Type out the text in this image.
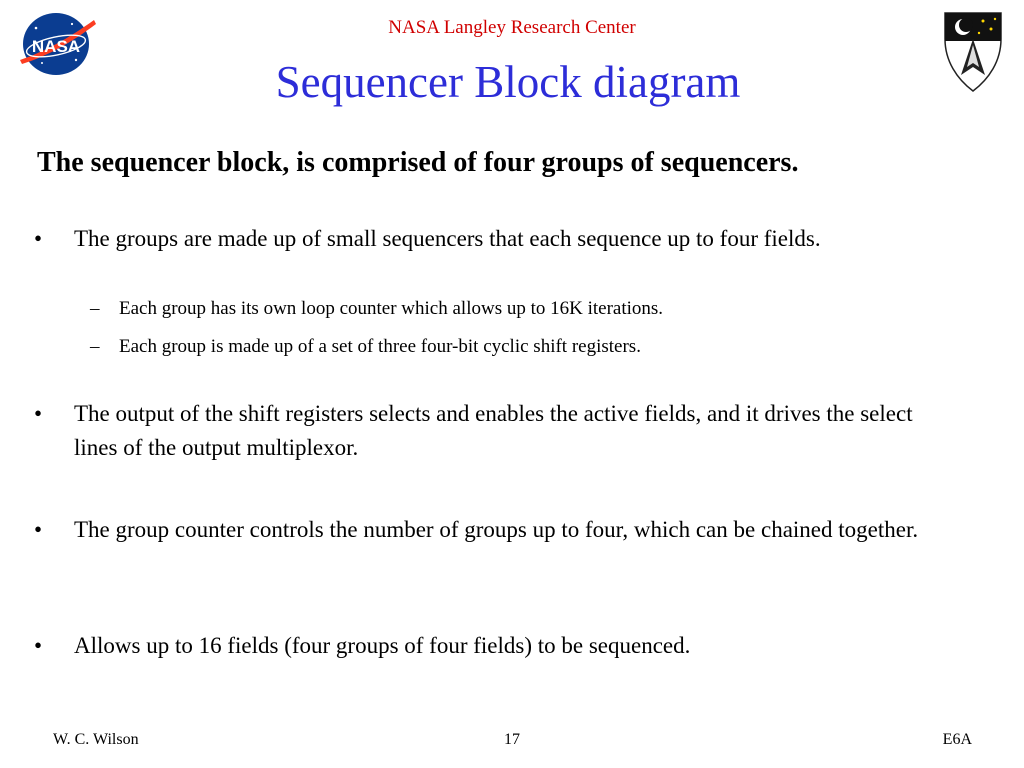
NASA
NASA Langley Research Center
Sequencer Block diagram
The sequencer block, is comprised of four groups of sequencers.
• The groups are made up of small sequencers that each sequence up to four fields.
– Each group has its own loop counter which allows up to 16K iterations.
– Each group is made up of a set of three four-bit cyclic shift registers.
• The output of the shift registers selects and enables the active fields, and it drives the select lines of the output multiplexor.
• The group counter controls the number of groups up to four, which can be chained together.
• Allows up to 16 fields (four groups of four fields) to be sequenced.
W. C. Wilson	17	E6A
